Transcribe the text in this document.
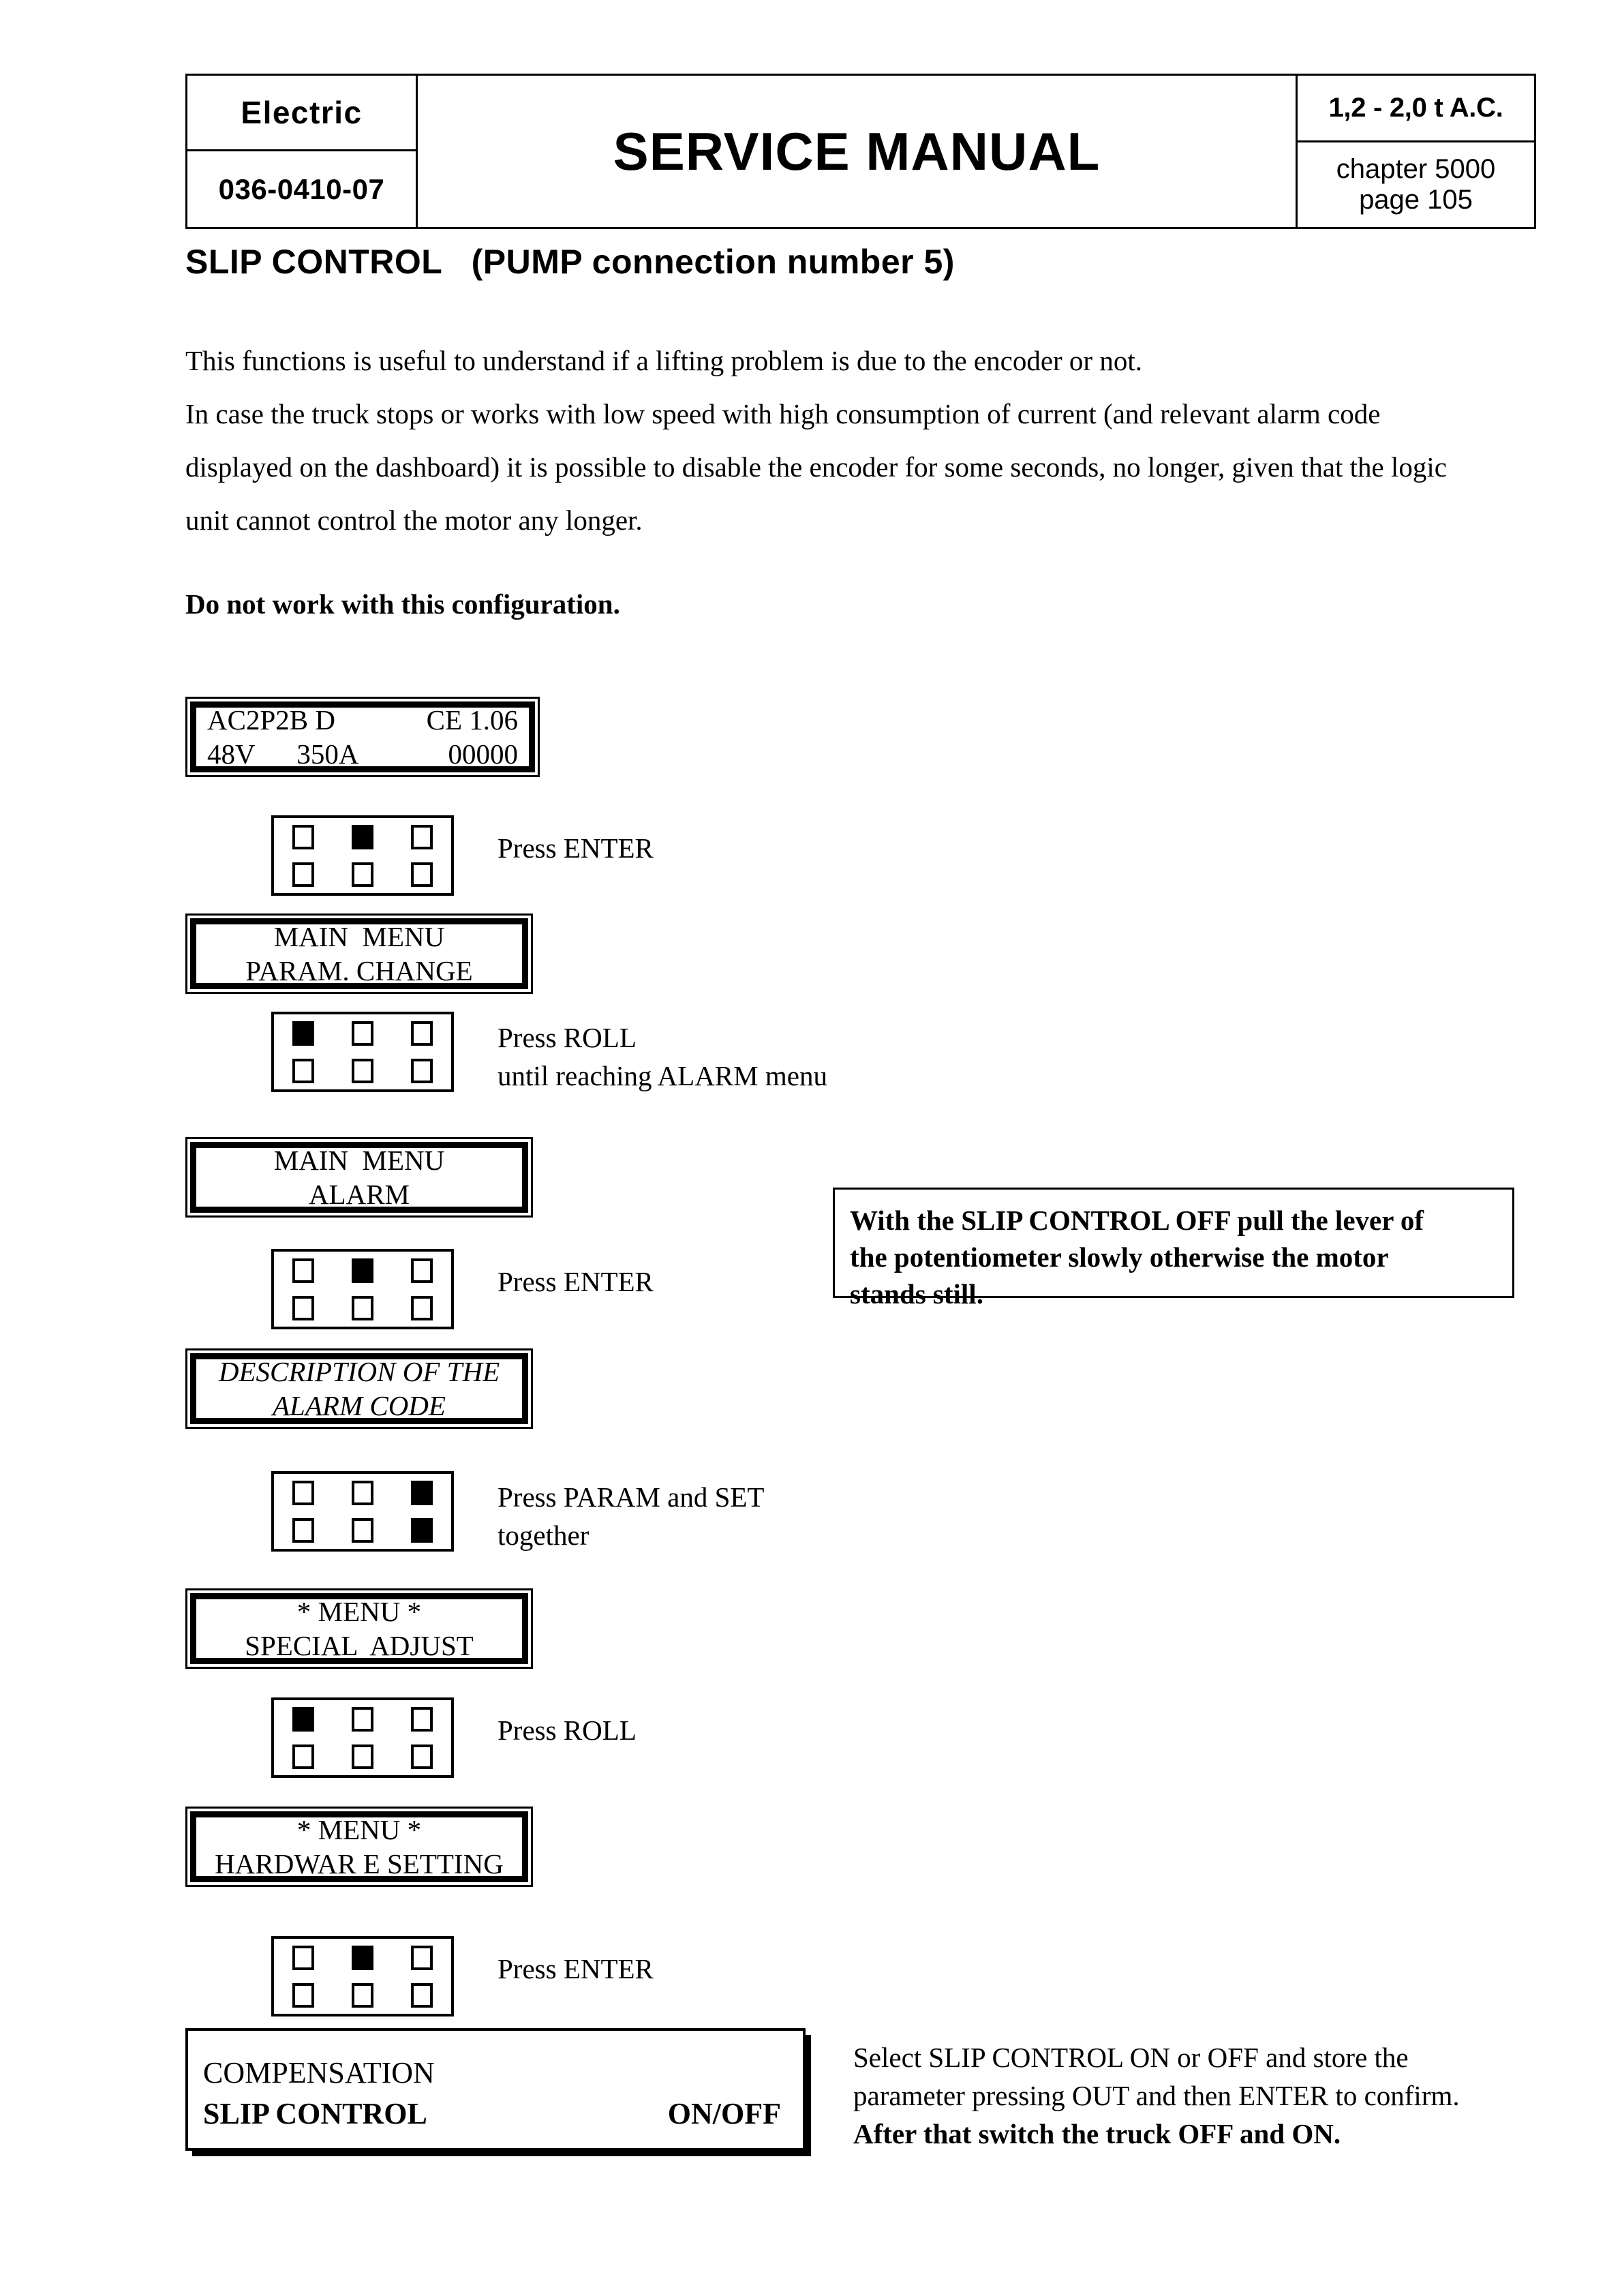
Electric
036-0410-07
SERVICE MANUAL
1,2 - 2,0 t A.C.
chapter 5000
page 105
SLIP CONTROL   (PUMP connection number 5)

This functions is useful to understand if a lifting problem is due to the encoder or not.

In case the truck stops or works with low speed with high consumption of current (and relevant alarm code

displayed on the dashboard) it is possible to disable the encoder for some seconds, no longer, given that the logic

unit cannot control the motor any longer.

Do not work with this configuration.
AC2P2B D	CE 1.06
48V      350A	00000
Press ENTER
MAIN  MENU
PARAM. CHANGE
Press ROLL
until reaching ALARM menu
MAIN  MENU
ALARM

With the SLIP CONTROL OFF pull the lever of

the potentiometer slowly otherwise the motor

stands still.

Press ENTER
DESCRIPTION OF THE
ALARM CODE
Press PARAM and SET
together
* MENU *
SPECIAL  ADJUST
Press ROLL
* MENU *
HARDWAR E SETTING
Press ENTER
COMPENSATION
SLIP CONTROL	ON/OFF

Select SLIP CONTROL ON or OFF and store the

parameter pressing OUT and then ENTER to confirm.

After that switch the truck OFF and ON.
